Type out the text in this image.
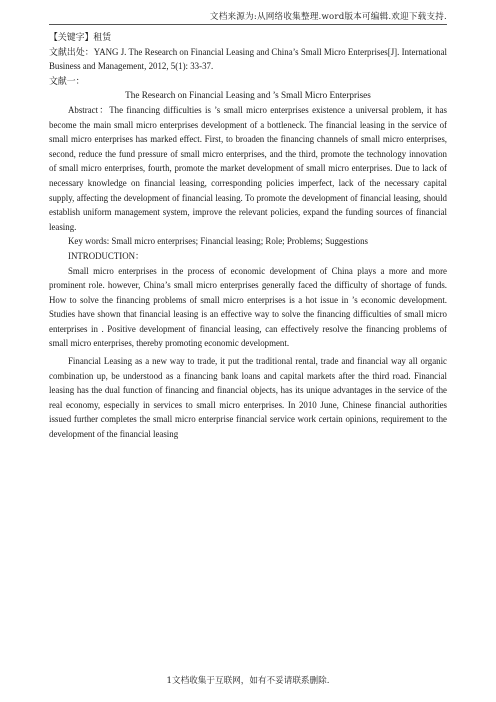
文档来源为:从网络收集整理.word版本可编辑.欢迎下载支持.

【关键字】租赁

文献出处：YANG J. The Research on Financial Leasing and China’s Small Micro Enterprises[J]. International Business and Management, 2012, 5(1): 33-37.

文献一：

The Research on Financial Leasing and ’s Small Micro Enterprises

Abstract：The financing difficulties is ’s small micro enterprises existence a universal problem, it has become the main small micro enterprises development of a bottleneck. The financial leasing in the service of small micro enterprises has marked effect. First, to broaden the financing channels of small micro enterprises, second, reduce the fund pressure of small micro enterprises, and the third, promote the technology innovation of small micro enterprises, fourth, promote the market development of small micro enterprises. Due to lack of necessary knowledge on financial leasing, corresponding policies imperfect, lack of the necessary capital supply, affecting the development of financial leasing. To promote the development of financial leasing, should establish uniform management system, improve the relevant policies, expand the funding sources of financial leasing.

Key words: Small micro enterprises; Financial leasing; Role; Problems; Suggestions

INTRODUCTION：

Small micro enterprises in the process of economic development of China plays a more and more prominent role. however, China’s small micro enterprises generally faced the difficulty of shortage of funds. How to solve the financing problems of small micro enterprises is a hot issue in ’s economic development. Studies have shown that financial leasing is an effective way to solve the financing difficulties of small micro enterprises in . Positive development of financial leasing, can effectively resolve the financing problems of small micro enterprises, thereby promoting economic development.

Financial Leasing as a new way to trade, it put the traditional rental, trade and financial way all organic combination up, be understood as a financing bank loans and capital markets after the third road. Financial leasing has the dual function of financing and financial objects, has its unique advantages in the service of the real economy, especially in services to small micro enterprises. In 2010 June, Chinese financial authorities issued further completes the small micro enterprise financial service work certain opinions, requirement to the development of the financial leasing

1文档收集于互联网，如有不妥请联系删除.
